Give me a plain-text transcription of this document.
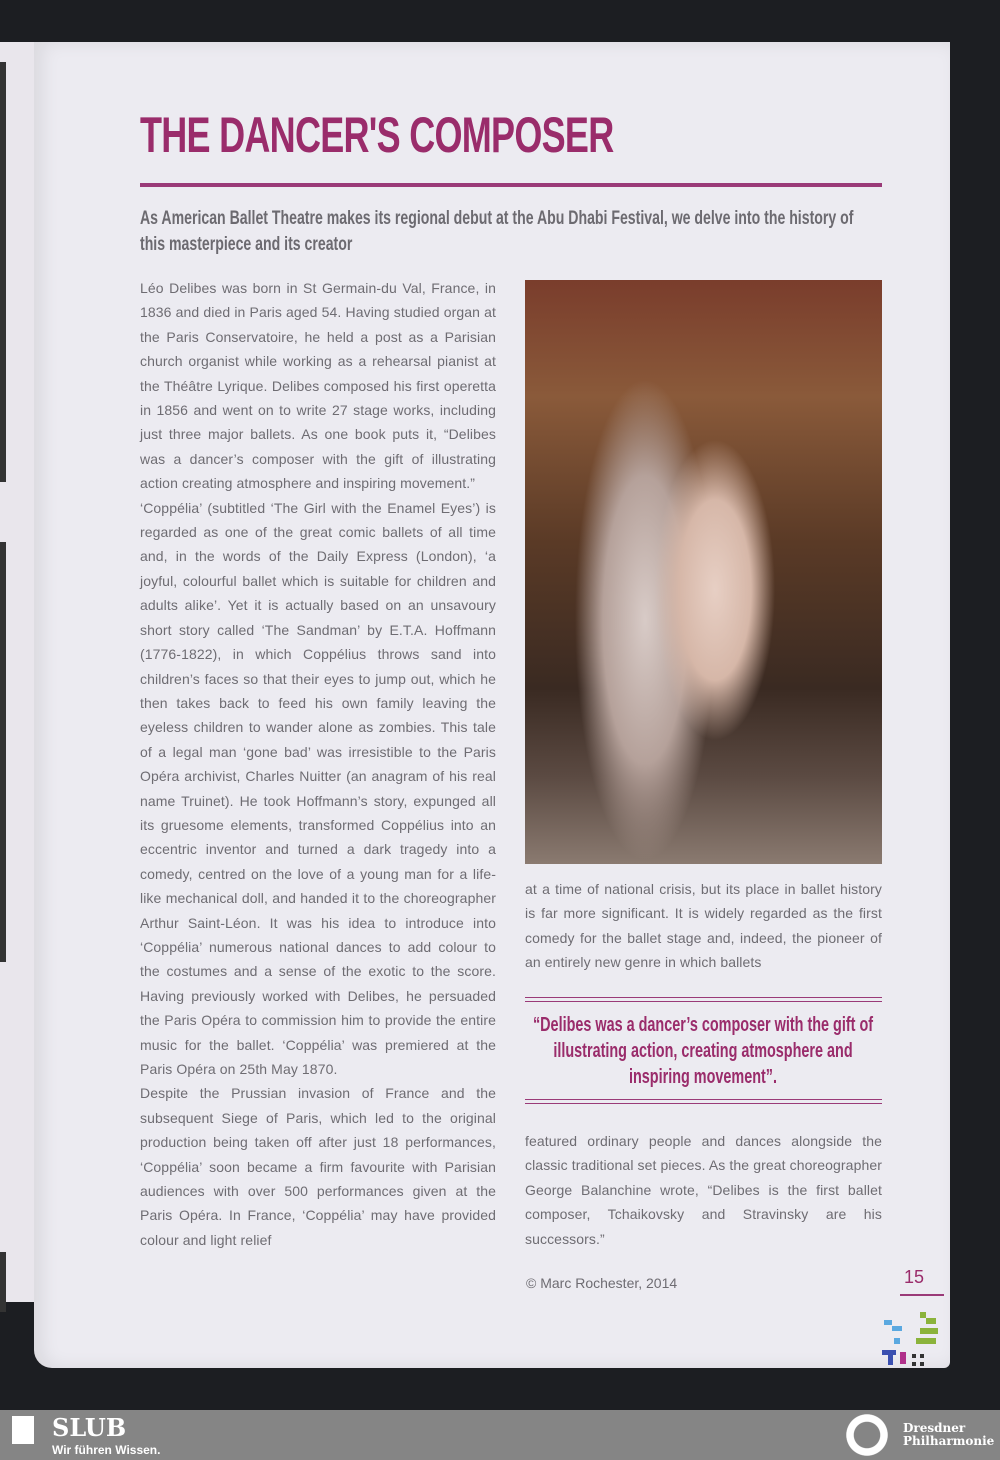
THE DANCER'S COMPOSER
As American Ballet Theatre makes its regional debut at the Abu Dhabi Festival, we delve into the history of this masterpiece and its creator

Léo Delibes was born in St Germain-du Val, France, in 1836 and died in Paris aged 54. Having studied organ at the Paris Conservatoire, he held a post as a Parisian church organist while working as a rehearsal pianist at the Théâtre Lyrique. Delibes composed his first operetta in 1856 and went on to write 27 stage works, including just three major ballets. As one book puts it, “Delibes was a dancer’s composer with the gift of illustrating action creating atmosphere and inspiring movement.”

‘Coppélia’ (subtitled ‘The Girl with the Enamel Eyes’) is regarded as one of the great comic ballets of all time and, in the words of the Daily Express (London), ‘a joyful, colourful ballet which is suitable for children and adults alike’. Yet it is actually based on an unsavoury short story called ‘The Sandman’ by E.T.A. Hoffmann (1776-1822), in which Coppélius throws sand into children’s faces so that their eyes to jump out, which he then takes back to feed his own family leaving the eyeless children to wander alone as zombies. This tale of a legal man ‘gone bad’ was irresistible to the Paris Opéra archivist, Charles Nuitter (an anagram of his real name Truinet). He took Hoffmann’s story, expunged all its gruesome elements, transformed Coppélius into an eccentric inventor and turned a dark tragedy into a comedy, centred on the love of a young man for a life-like mechanical doll, and handed it to the choreographer Arthur Saint-Léon. It was his idea to introduce into ‘Coppélia’ numerous national dances to add colour to the costumes and a sense of the exotic to the score. Having previously worked with Delibes, he persuaded the Paris Opéra to commission him to provide the entire music for the ballet. ‘Coppélia’ was premiered at the Paris Opéra on 25th May 1870.

Despite the Prussian invasion of France and the subsequent Siege of Paris, which led to the original production being taken off after just 18 performances, ‘Coppélia’ soon became a firm favourite with Parisian audiences with over 500 performances given at the Paris Opéra. In France, ‘Coppélia’ may have provided colour and light relief

at a time of national crisis, but its place in ballet history is far more significant. It is widely regarded as the first comedy for the ballet stage and, indeed, the pioneer of an entirely new genre in which ballets

“Delibes was a dancer’s composer with the gift of illustrating action, creating atmosphere and inspiring movement”.

featured ordinary people and dances alongside the classic traditional set pieces. As the great choreographer George Balanchine wrote, “Delibes is the first ballet composer, Tchaikovsky and Stravinsky are his successors.”

© Marc Rochester, 2014	15
SLUB
Wir führen Wissen.
Dresdner
Philharmonie
